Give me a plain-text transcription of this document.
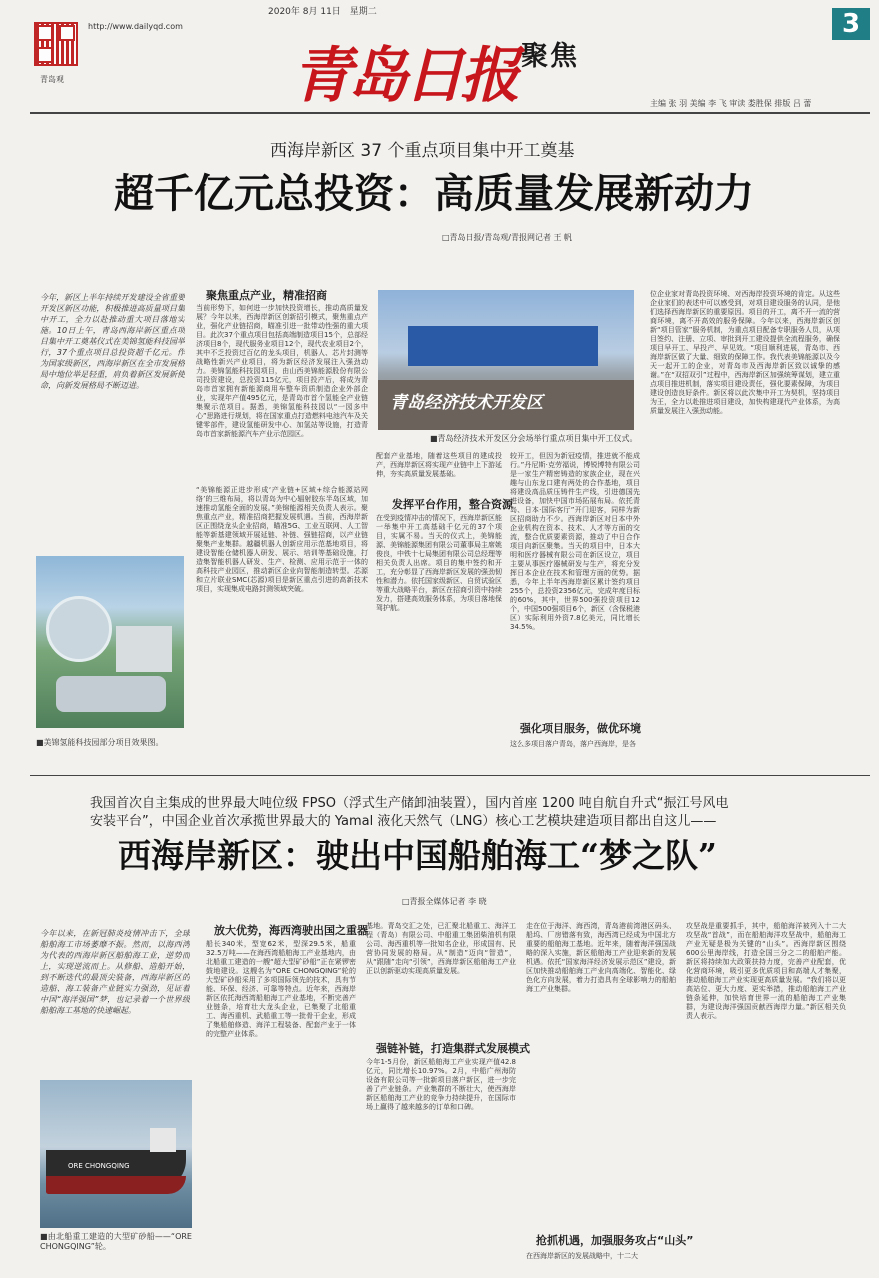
2020年 8月 11日 星期二
http://www.dailyqd.com
青岛观	青岛日报 聚焦
3
主编 张 羽 美编 李 飞 审读 娄胜保 排版 吕 蕾
西海岸新区 37 个重点项目集中开工奠基
超千亿元总投资：高质量发展新动力
□青岛日报/青岛观/青报网记者 王 帆
今年，新区上半年持续开发建设全省重要开发区新区功能，积极推进高质量项目集中开工，全力以赴推动重大项目落地实施。10日上午，青岛西海岸新区重点项目集中开工奠基仪式在美锦氢能科技园举行，37个重点项目总投资超千亿元。作为国家级新区，西海岸新区在全市发展格局中地位举足轻重，肩负着新区发展新使命，向新发展格局不断迈进。
■美锦氢能科技园部分项目效果图。
聚焦重点产业，精准招商
当前形势下，如何进一步加快投资增长，推动高质量发展？今年以来，西海岸新区创新招引模式，聚焦重点产业，强化产业链招商，瞄准引进一批带动性强的重大项目。此次37个重点项目包括高端制造项目15个，总部经济项目8个，现代服务业项目12个，现代农业项目2个，其中不乏投资过百亿的龙头项目，机器人、芯片封测等战略性新兴产业项目，将为新区经济发展注入强劲动力。美锦氢能科技园项目，由山西美锦能源股份有限公司投资建设，总投资115亿元，项目投产后，将成为青岛市首家拥有新能源商用车整车资质制造企业外部企业，实现年产值495亿元，是青岛市首个氢能全产业链集聚示范项目。据悉，美锦氢能科技园以“一园多中心”思路进行规划，将在国家重点打造燃料电池汽车及关键零部件，建设氢能研发中心、加氢站等设施，打造青岛市首家新能源汽车产业示范园区。
“美锦能源正进步形成‘产业链+区域+综合能源站网络’的三维布局，将以青岛为中心辐射胶东半岛区域，加速推动氢能全面的发展。”美锦能源相关负责人表示。聚焦重点产业，精准招商把握发展机遇。当前，西海岸新区正围绕龙头企业招商，瞄准5G、工业互联网、人工智能等新基建领域开展延链、补链、强链招商，以产业链聚集产业集群。越疆机器人创新应用示范基地项目，将建设智能仓储机器人研发、展示、培训等基础设施，打造集智能机器人研发、生产、检测、应用示范于一体的高科技产业园区，推动新区企业向智能制造转型。芯源和立片联业SMC(芯源)项目是新区重点引进的高新技术项目，实现集成电路封测领域突破。
青岛经济技术开发区
■青岛经济技术开发区分会场举行重点项目集中开工仪式。
配套产业基地，随着这些项目的建成投产，西海岸新区将实现产业链中上下游延伸，夯实高质量发展基础。
发挥平台作用，整合资源
在受到疫情冲击的情况下，西海岸新区能一举集中开工高基础千亿元的37个项目，实属不易。当天的仪式上，美锦能源、美锦能源集团有限公司董事局主席姚俊良，中铁十七局集团有限公司总经理等相关负责人出席。项目的集中签约和开工，充分彰显了西海岸新区发展的强劲韧性和潜力。依托国家级新区、自贸试验区等重大战略平台，新区在招商引资中持续发力，搭建高效服务体系，为项目落地保驾护航。
较开工，但因为新冠疫情，推进就不能成行。”丹尼斯·克劳福说，博锐博特有限公司是一家生产精密铸造的家族企业，现在兴趣与山东龙口建有两处的合作基地，项目将建设高品质压铸件生产线，引进德国先进设备，加快中国市场拓展布局。依托青岛、日本·国际客厅”开门迎客，同样为新区招商助力不少。西海岸新区对日本中外企业机构在资本、技术、人才等方面的交流，整合优质要素资源，推动了中日合作项目向新区聚集。当天的项目中，日本大明和医疗器械有限公司在新区设立，项目主要从事医疗器械研发与生产，将充分发挥日本企业在技术和管理方面的优势。据悉，今年上半年西海岸新区累计签约项目255个，总投资2356亿元，完成年度目标的60%，其中，世界500强投资项目12个，中国500强项目6个，新区（含保税港区）实际利用外资7.8亿美元，同比增长34.5%。
强化项目服务，做优环境
这么多项目落户青岛，落户西海岸，是各
位企业家对青岛投资环境、对西海岸投资环境的肯定。从这些企业家们的表述中可以感受到，对项目建设服务的认同，是他们选择西海岸新区的重要原因。项目的开工，离不开一流的营商环境，离不开高效的服务保障。今年以来，西海岸新区创新“项目管家”服务机制，为重点项目配备专职服务人员，从项目签约、注册、立项、审批到开工建设提供全流程服务，确保项目早开工、早投产、早见效。“项目顺利进展，青岛市、西海岸新区做了大量、细致的保障工作。我代表美锦能源以及今天一起开工的企业，对青岛市及西海岸新区致以诚挚的感谢。”在“双招双引”过程中，西海岸新区加强统筹谋划，建立重点项目推进机制，落实项目建设责任，强化要素保障，为项目建设创造良好条件。新区将以此次集中开工为契机，坚持项目为王，全力以赴推进项目建设，加快构建现代产业体系，为高质量发展注入强劲动能。
我国首次自主集成的世界最大吨位级 FPSO（浮式生产储卸油装置），国内首座 1200 吨自航自升式“振江号风电
安装平台”，中国企业首次承揽世界最大的 Yamal 液化天然气（LNG）核心工艺模块建造项目都出自这儿——
西海岸新区：驶出中国船舶海工“梦之队”
□青报全媒体记者 李 晓
今年以来，在新冠肺炎疫情冲击下，全球船舶海工市场萎靡不振。然而，以海西湾为代表的西海岸新区船舶海工业，逆势而上，实现逆流而上。从修船、造船开始，到不断迭代的最顶尖装备，西海岸新区的造船、海工装备产业链实力强劲，见证着中国“海洋强国”梦，也记录着一个世界级船舶海工基地的快速崛起。
ORE CHONGQING
■由北船重工建造的大型矿砂船——“ORE CHONGQING”轮。
放大优势，海西湾驶出国之重器
船长340米，型宽62米，型深29.5米，船重32.5万吨——在海西湾船舶海工产业基地内，由北船重工建造的一艘“超大型矿砂船”正在紧锣密鼓地建设。这艘名为“ORE CHONGQING”轮的大型矿砂船采用了多项国际领先的技术，具有节能、环保、经济、可靠等特点。近年来，西海岸新区依托海西湾船舶海工产业基地，不断完善产业链条，培育壮大龙头企业，已集聚了北船重工、海西重机、武船重工等一批骨干企业，形成了集船舶修造、海洋工程装备、配套产业于一体的完整产业体系。
基地。青岛交汇之处，已汇聚北船重工、海洋工程（青岛）有限公司、中船重工集团柴油机有限公司、海西重机等一批知名企业，形成国有、民营协同发展的格局。从“制造”迈向“智造”，从“跟随”走向“引领”，西海岸新区船舶海工产业正以创新驱动实现高质量发展。
强链补链，打造集群式发展模式
今年1-5月份，新区船舶海工产业实现产值42.8亿元，同比增长10.97%。2月，中船广州海防设备有限公司等一批新项目落户新区，进一步完善了产业链条。产业集群的不断壮大，使西海岸新区船舶海工产业的竞争力持续提升，在国际市场上赢得了越来越多的订单和口碑。
走在位于海洋、海西湾，青岛港前湾港区码头、船坞、厂房错落有致，海西湾已经成为中国北方重要的船舶海工基地。近年来，随着海洋强国战略的深入实施，新区船舶海工产业迎来新的发展机遇。依托“国家海洋经济发展示范区”建设，新区加快推动船舶海工产业向高端化、智能化、绿色化方向发展，着力打造具有全球影响力的船舶海工产业集群。
抢抓机遇，加强服务攻占“山头”
在西海岸新区的发展战略中，十二大
攻坚战是重要抓手，其中，船舶海洋被列入十二大攻坚战“首战”，而在船舶海洋攻坚战中，船舶海工产业无疑是极为关键的“山头”。西海岸新区围绕600公里海岸线，打造全国三分之二的船舶产能。新区将持续加大政策扶持力度，完善产业配套，优化营商环境，吸引更多优质项目和高端人才集聚，推动船舶海工产业实现更高质量发展。“我们将以更高站位、更大力度、更实举措，推动船舶海工产业链条延伸，加快培育世界一流的船舶海工产业集群，为建设海洋强国贡献西海岸力量。”新区相关负责人表示。
